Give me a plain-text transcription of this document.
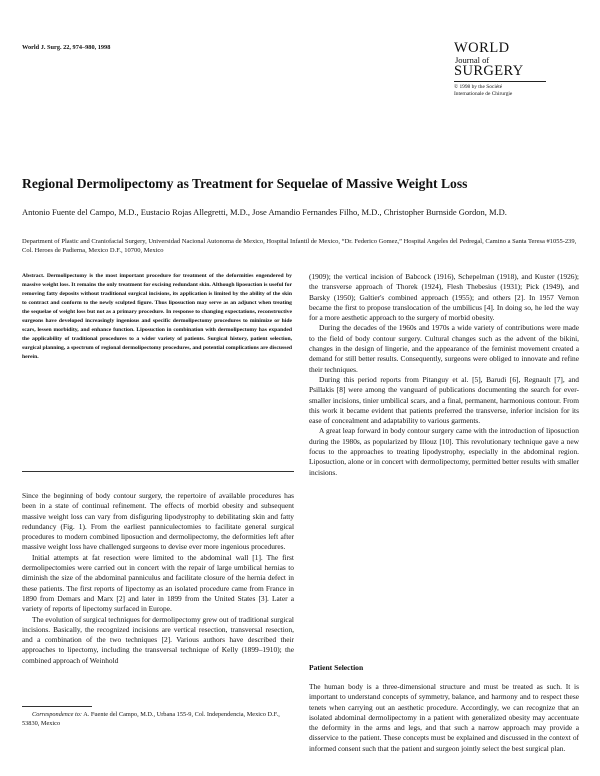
World J. Surg. 22, 974–980, 1998	WORLD
Journal of
SURGERY
© 1998 by the Société
Internationale de Chirurgie
Regional Dermolipectomy as Treatment for Sequelae of Massive Weight Loss
Antonio Fuente del Campo, M.D., Eustacio Rojas Allegretti, M.D., Jose Amandio Fernandes Filho, M.D., Christopher Burnside Gordon, M.D.
Department of Plastic and Craniofacial Surgery, Universidad Nacional Autonoma de Mexico, Hospital Infantil de Mexico, “Dr. Federico Gomez,” Hospital Angeles del Pedregal, Camino a Santa Teresa #1055-239, Col. Heroes de Padierna, Mexico D.F., 10700, Mexico
Abstract. Dermolipectomy is the most important procedure for treatment of the deformities engendered by massive weight loss. It remains the only treatment for excising redundant skin. Although liposuction is useful for removing fatty deposits without traditional surgical incisions, its application is limited by the ability of the skin to contract and conform to the newly sculpted figure. Thus liposuction may serve as an adjunct when treating the sequelae of weight loss but not as a primary procedure. In response to changing expectations, reconstructive surgeons have developed increasingly ingenious and specific dermolipectomy procedures to minimize or hide scars, lessen morbidity, and enhance function. Liposuction in combination with dermolipectomy has expanded the applicability of traditional procedures to a wider variety of patients. Surgical history, patient selection, surgical planning, a spectrum of regional dermolipectomy procedures, and potential complications are discussed herein.

Since the beginning of body contour surgery, the repertoire of available procedures has been in a state of continual refinement. The effects of morbid obesity and subsequent massive weight loss can vary from disfiguring lipodystrophy to debilitating skin and fatty redundancy (Fig. 1). From the earliest panniculectomies to facilitate general surgical procedures to modern combined liposuction and dermolipectomy, the deformities left after massive weight loss have challenged surgeons to devise ever more ingenious procedures.

Initial attempts at fat resection were limited to the abdominal wall [1]. The first dermolipectomies were carried out in concert with the repair of large umbilical hernias to diminish the size of the abdominal panniculus and facilitate closure of the hernia defect in these patients. The first reports of lipectomy as an isolated procedure came from France in 1890 from Demars and Marx [2] and later in 1899 from the United States [3]. Later a variety of reports of lipectomy surfaced in Europe.

The evolution of surgical techniques for dermolipectomy grew out of traditional surgical incisions. Basically, the recognized incisions are vertical resection, transversal resection, and a combination of the two techniques [2]. Various authors have described their approaches to lipectomy, including the transversal technique of Kelly (1899–1910); the combined approach of Weinhold

(1909); the vertical incision of Babcock (1916), Schepelman (1918), and Kuster (1926); the transverse approach of Thorek (1924), Flesh Thebesius (1931); Pick (1949), and Barsky (1950); Galtier's combined approach (1955); and others [2]. In 1957 Vernon became the first to propose translocation of the umbilicus [4]. In doing so, he led the way for a more aesthetic approach to the surgery of morbid obesity.

During the decades of the 1960s and 1970s a wide variety of contributions were made to the field of body contour surgery. Cultural changes such as the advent of the bikini, changes in the design of lingerie, and the appearance of the feminist movement created a demand for still better results. Consequently, surgeons were obliged to innovate and refine their techniques.

During this period reports from Pitanguy et al. [5], Barudi [6], Regnault [7], and Psillakis [8] were among the vanguard of publications documenting the search for ever-smaller incisions, tinier umbilical scars, and a final, permanent, harmonious contour. From this work it became evident that patients preferred the transverse, inferior incision for its ease of concealment and adaptability to various garments.

A great leap forward in body contour surgery came with the introduction of liposuction during the 1980s, as popularized by Illouz [10]. This revolutionary technique gave a new focus to the approaches to treating lipodystrophy, especially in the abdominal region. Liposuction, alone or in concert with dermolipectomy, permitted better results with smaller incisions.

Patient Selection

The human body is a three-dimensional structure and must be treated as such. It is important to understand concepts of symmetry, balance, and harmony and to respect these tenets when carrying out an aesthetic procedure. Accordingly, we can recognize that an isolated abdominal dermolipectomy in a patient with generalized obesity may accentuate the deformity in the arms and legs, and that such a narrow approach may provide a disservice to the patient. These concepts must be explained and discussed in the context of informed consent such that the patient and surgeon jointly select the best surgical plan.

Correspondence to: A. Fuente del Campo, M.D., Urbana 155-9, Col. Independencia, Mexico D.F., 53830, Mexico
